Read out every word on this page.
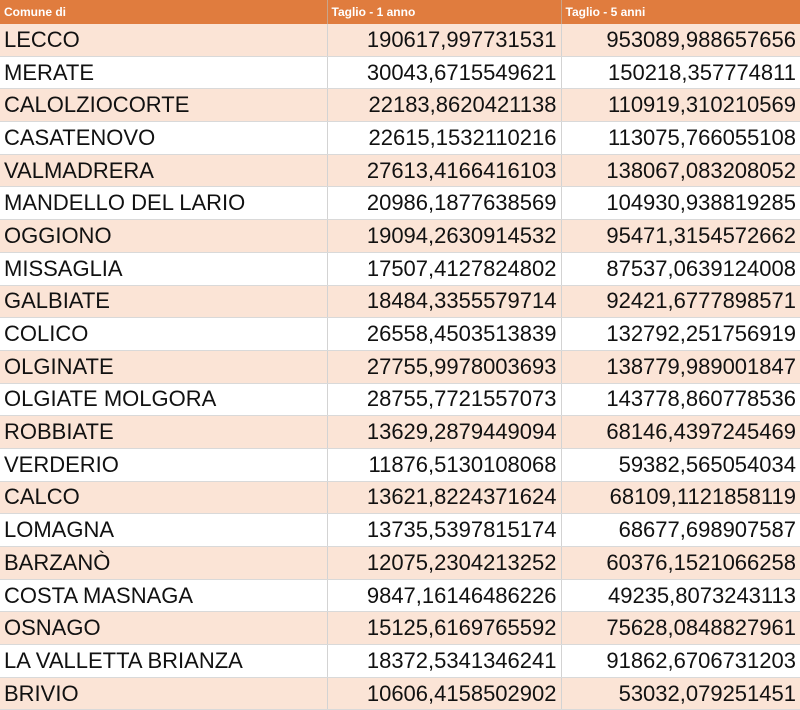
Comune di	Taglio - 1 anno	Taglio - 5 anni
LECCO	190617,997731531	953089,988657656
MERATE	30043,6715549621	150218,357774811
CALOLZIOCORTE	22183,8620421138	110919,310210569
CASATENOVO	22615,1532110216	113075,766055108
VALMADRERA	27613,4166416103	138067,083208052
MANDELLO DEL LARIO	20986,1877638569	104930,938819285
OGGIONO	19094,2630914532	95471,3154572662
MISSAGLIA	17507,4127824802	87537,0639124008
GALBIATE	18484,3355579714	92421,6777898571
COLICO	26558,4503513839	132792,251756919
OLGINATE	27755,9978003693	138779,989001847
OLGIATE MOLGORA	28755,7721557073	143778,860778536
ROBBIATE	13629,2879449094	68146,4397245469
VERDERIO	11876,5130108068	59382,565054034
CALCO	13621,8224371624	68109,1121858119
LOMAGNA	13735,5397815174	68677,698907587
BARZANÒ	12075,2304213252	60376,1521066258
COSTA MASNAGA	9847,16146486226	49235,8073243113
OSNAGO	15125,6169765592	75628,0848827961
LA VALLETTA BRIANZA	18372,5341346241	91862,6706731203
BRIVIO	10606,4158502902	53032,079251451
